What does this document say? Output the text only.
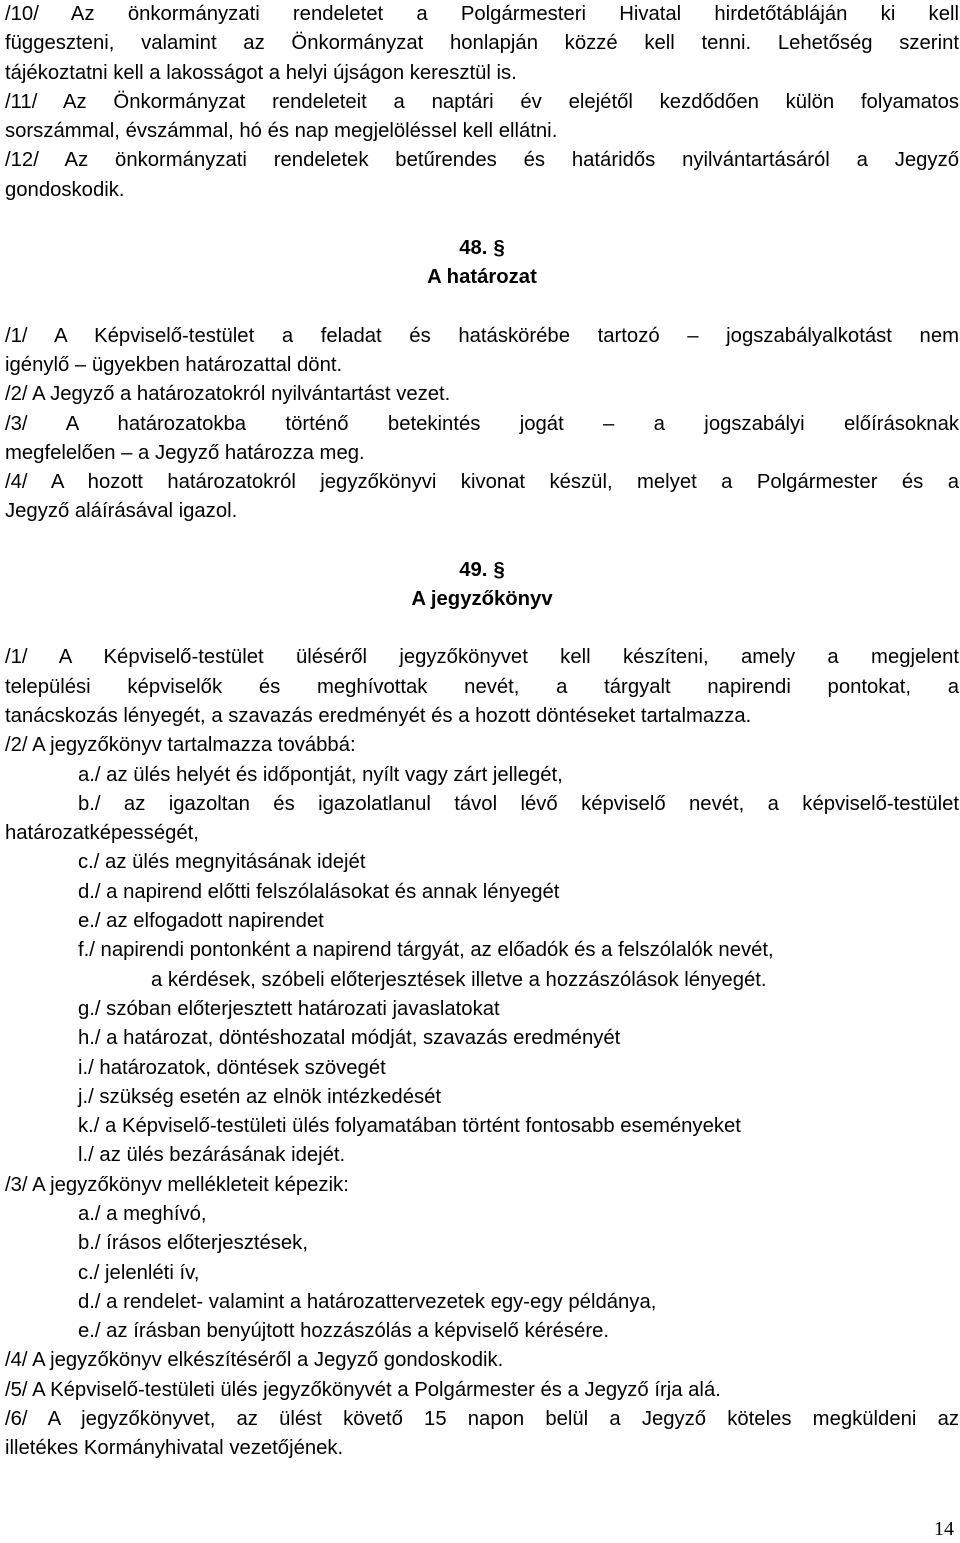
/10/ Az önkormányzati rendeletet a Polgármesteri Hivatal hirdetőtábláján ki kell

függeszteni, valamint az Önkormányzat honlapján közzé kell tenni. Lehetőség szerint

tájékoztatni kell a lakosságot a helyi újságon keresztül is.

/11/ Az Önkormányzat rendeleteit a naptári év elejétől kezdődően külön folyamatos

sorszámmal, évszámmal, hó és nap megjelöléssel kell ellátni.

/12/ Az önkormányzati rendeletek betűrendes és határidős nyilvántartásáról a Jegyző

gondoskodik.

48. §
A határozat

/1/ A Képviselő-testület a feladat és hatáskörébe tartozó – jogszabályalkotást nem

igénylő – ügyekben határozattal dönt.

/2/ A Jegyző a határozatokról nyilvántartást vezet.

/3/ A határozatokba történő betekintés jogát – a jogszabályi előírásoknak

megfelelően – a Jegyző határozza meg.

/4/ A hozott határozatokról jegyzőkönyvi kivonat készül, melyet a Polgármester és a

Jegyző aláírásával igazol.

49. §
A jegyzőkönyv

/1/ A Képviselő-testület üléséről jegyzőkönyvet kell készíteni, amely a megjelent

települési képviselők és meghívottak nevét, a tárgyalt napirendi pontokat, a

tanácskozás lényegét, a szavazás eredményét és a hozott döntéseket tartalmazza.

/2/ A jegyzőkönyv tartalmazza továbbá:

a./ az ülés helyét és időpontját, nyílt vagy zárt jellegét,

b./ az igazoltan és igazolatlanul távol lévő képviselő nevét, a képviselő-testület

határozatképességét,

c./ az ülés megnyitásának idejét

d./ a napirend előtti felszólalásokat és annak lényegét

e./ az elfogadott napirendet

f./ napirendi pontonként a napirend tárgyát, az előadók és a felszólalók nevét,

a kérdések, szóbeli előterjesztések illetve a hozzászólások lényegét.

g./ szóban előterjesztett határozati javaslatokat

h./ a határozat, döntéshozatal módját, szavazás eredményét

i./ határozatok, döntések szövegét

j./ szükség esetén az elnök intézkedését

k./ a Képviselő-testületi ülés folyamatában történt fontosabb eseményeket

l./ az ülés bezárásának idejét.

/3/ A jegyzőkönyv mellékleteit képezik:

a./ a meghívó,

b./ írásos előterjesztések,

c./ jelenléti ív,

d./ a rendelet- valamint a határozattervezetek egy-egy példánya,

e./ az írásban benyújtott hozzászólás a képviselő kérésére.

/4/ A jegyzőkönyv elkészítéséről a Jegyző gondoskodik.

/5/ A Képviselő-testületi ülés jegyzőkönyvét a Polgármester és a Jegyző írja alá.

/6/ A jegyzőkönyvet, az ülést követő 15 napon belül a Jegyző köteles megküldeni az

illetékes Kormányhivatal vezetőjének.

14
